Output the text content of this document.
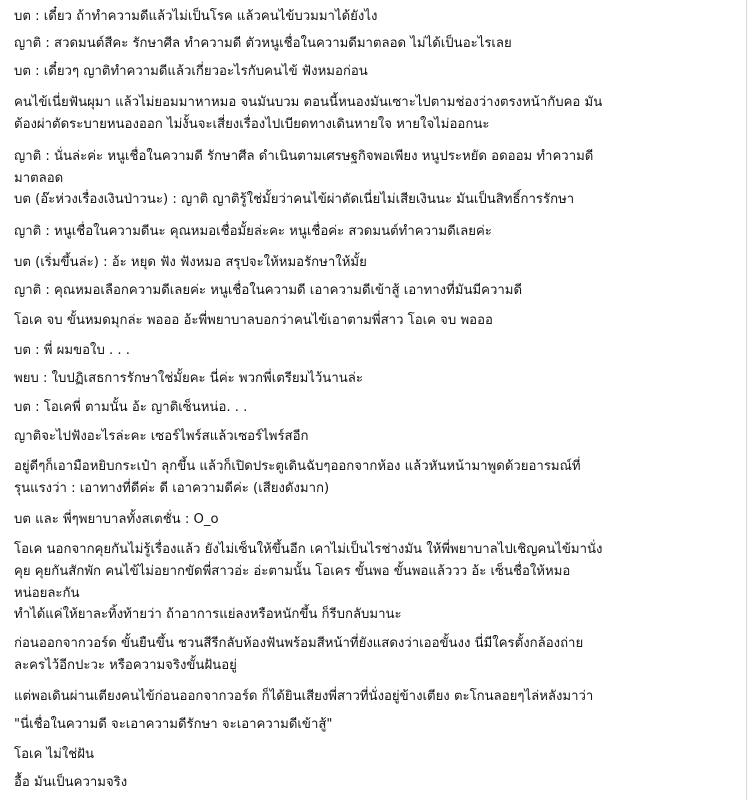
บต : เดี๋ยว ถ้าทำความดีแล้วไม่เป็นโรค แล้วคนไข้บวมมาได้ยังไง
ญาติ : สวดมนต์สีคะ รักษาศีล ทำความดี ตัวหนูเชื่อในความดีมาตลอด ไม่ได้เป็นอะไรเลย
บต : เดี๋ยวๆ ญาติทำความดีแล้วเกี่ยวอะไรกับคนไข้ ฟังหมอก่อน
คนไข้เนี่ยฟันผุมา แล้วไม่ยอมมาหาหมอ จนมันบวม ตอนนี้หนองมันเซาะไปตามช่องว่างตรงหน้ากับคอ มัน
ต้องผ่าตัดระบายหนองออก ไม่งั้นจะเสี่ยงเรื่องไปเบียดทางเดินหายใจ หายใจไม่ออกนะ
ญาติ : นั่นล่ะค่ะ หนูเชื่อในความดี รักษาศีล ดำเนินตามเศรษฐกิจพอเพียง หนูประหยัด อดออม ทำความดี
มาตลอด
บต (อ๊ะห่วงเรื่องเงินป่าวนะ) : ญาติ ญาติรู้ใช่มั้ยว่าคนไข้ผ่าตัดเนี่ยไม่เสียเงินนะ มันเป็นสิทธิ์การรักษา
ญาติ : หนูเชื่อในความดีนะ คุณหมอเชื่อมั้ยล่ะคะ หนูเชื่อค่ะ สวดมนต์ทำความดีเลยค่ะ
บต (เริ่มขึ้นล่ะ) : อ้ะ หยุด ฟัง ฟังหมอ สรุปจะให้หมอรักษาให้มั้ย
ญาติ : คุณหมอเลือกความดีเลยค่ะ หนูเชื่อในความดี เอาความดีเข้าสู้ เอาทางที่มันมีความดี
โอเค จบ ขั้นหมดมุกล่ะ พอออ อ้ะพี่พยาบาลบอกว่าคนไข้เอาตามพี่สาว โอเค จบ พอออ
บต : พี่ ผมขอใบ . . .
พยบ : ใบปฏิเสธการรักษาใช่มั้ยคะ นี่ค่ะ พวกพี่เตรียมไว้นานล่ะ
บต : โอเคพี่ ตามนั้น อ้ะ ญาติเซ็นหน่อ. . .
ญาติจะไปฟังอะไรล่ะคะ เซอร์ไพร์สแล้วเซอร์ไพร์สอีก
อยู่ดีๆก็เอามือหยิบกระเป๋า ลุกขึ้น แล้วก็เปิดประตูเดินฉับๆออกจากห้อง แล้วหันหน้ามาพูดด้วยอารมณ์ที่
รุนแรงว่า : เอาทางที่ดีค่ะ ดี เอาความดีค่ะ (เสียงดังมาก)
บต และ พี่ๆพยาบาลทั้งสเตชั่น : O_o
โอเค นอกจากคุยกันไม่รู้เรื่องแล้ว ยังไม่เซ็นให้ขึ้นอีก เคาไม่เป็นไรช่างมัน ให้พี่พยาบาลไปเชิญคนไข้มานั่ง
คุย คุยกันสักพัก คนไข้ไม่อยากขัดพี่สาวอ่ะ อ่ะตามนั้น โอเคร ขั้นพอ ขั้นพอแล้ววว อ้ะ เซ็นชื่อให้หมอ
หน่อยละกัน
ทำได้แค่ให้ยาละทิ้งท้ายว่า ถ้าอาการแย่ลงหรือหนักขึ้น ก็รีบกลับมานะ
ก่อนออกจากวอร์ด ขั้นยืนขึ้น ชวนสีรีกลับห้องฟันพร้อมสีหน้าที่ยังแสดงว่าเออขั้นงง นี่มีใครตั้งกล้องถ่าย
ละครไว้อีกปะวะ หรือความจริงขั้นฝันอยู่
แต่พอเดินผ่านเตียงคนไข้ก่อนออกจากวอร์ด ก็ได้ยินเสียงพี่สาวที่นั่งอยู่ข้างเตียง ตะโกนลอยๆไล่หลังมาว่า
"นี่เชื่อในความดี จะเอาความดีรักษา จะเอาความดีเข้าสู้"
โอเค ไม่ใช่ฝัน
อื้อ มันเป็นความจริง
